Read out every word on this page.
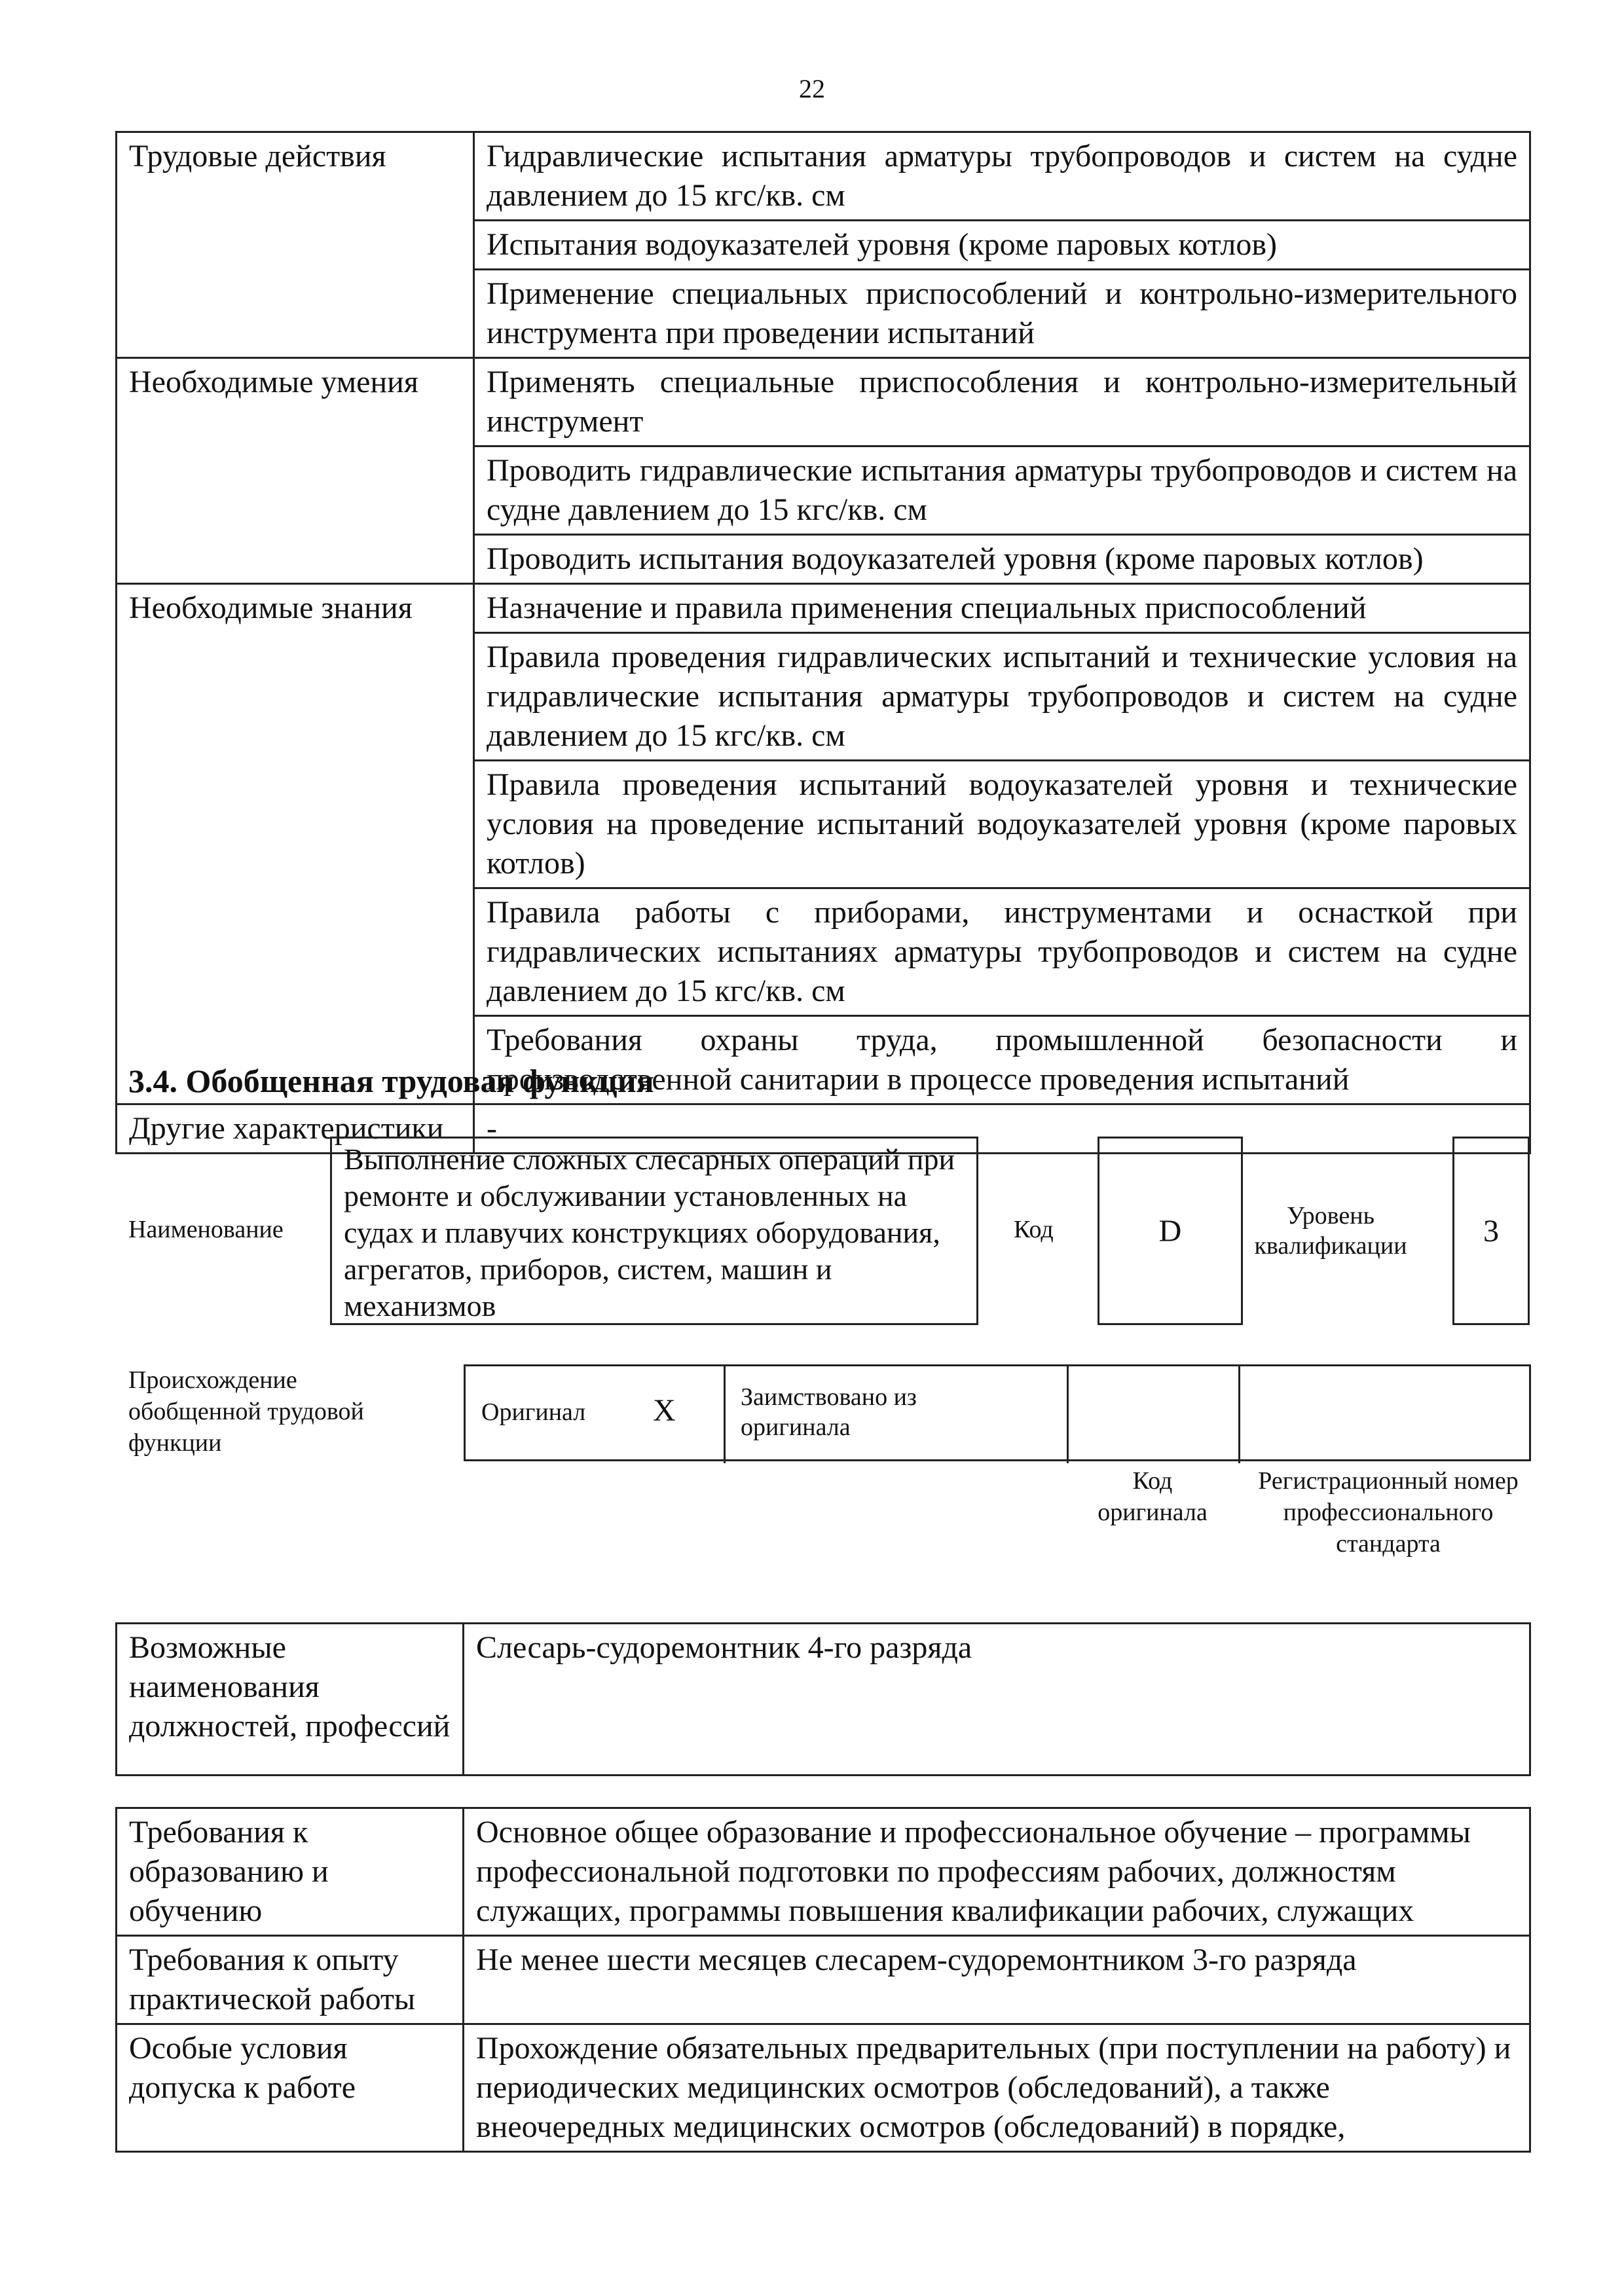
22
Трудовые действия	Гидравлические испытания арматуры трубопроводов и систем на судне давлением до 15 кгс/кв. см
	Испытания водоуказателей уровня (кроме паровых котлов)
	Применение специальных приспособлений и контрольно-измерительного инструмента при проведении испытаний
Необходимые умения	Применять специальные приспособления и контрольно-измерительный инструмент
	Проводить гидравлические испытания арматуры трубопроводов и систем на судне давлением до 15 кгс/кв. см
	Проводить испытания водоуказателей уровня (кроме паровых котлов)
Необходимые знания	Назначение и правила применения специальных приспособлений
	Правила проведения гидравлических испытаний и технические условия на гидравлические испытания арматуры трубопроводов и систем на судне давлением до 15 кгс/кв. см
	Правила проведения испытаний водоуказателей уровня и технические условия на проведение испытаний водоуказателей уровня (кроме паровых котлов)
	Правила работы с приборами, инструментами и оснасткой при гидравлических испытаниях арматуры трубопроводов и систем на судне давлением до 15 кгс/кв. см
	Требования охраны труда, промышленной безопасности и производственной санитарии в процессе проведения испытаний
Другие характеристики	-
3.4. Обобщенная трудовая функция
Наименование
Выполнение сложных слесарных операций при ремонте и обслуживании установленных на судах и плавучих конструкциях оборудования, агрегатов, приборов, систем, машин и механизмов
Код	D	Уровень квалификации 3
Происхождение обобщенной трудовой функции
Оригинал X	Заимствовано из оригинала
Код оригинала
Регистрационный номер профессионального стандарта
Возможные наименования должностей, профессий	Слесарь-судоремонтник 4-го разряда
Требования к образованию и обучению	Основное общее образование и профессиональное обучение – программы профессиональной подготовки по профессиям рабочих, должностям служащих, программы повышения квалификации рабочих, служащих
Требования к опыту практической работы	Не менее шести месяцев слесарем-судоремонтником 3-го разряда
Особые условия допуска к работе	Прохождение обязательных предварительных (при поступлении на работу) и периодических медицинских осмотров (обследований), а также внеочередных медицинских осмотров (обследований) в порядке,
